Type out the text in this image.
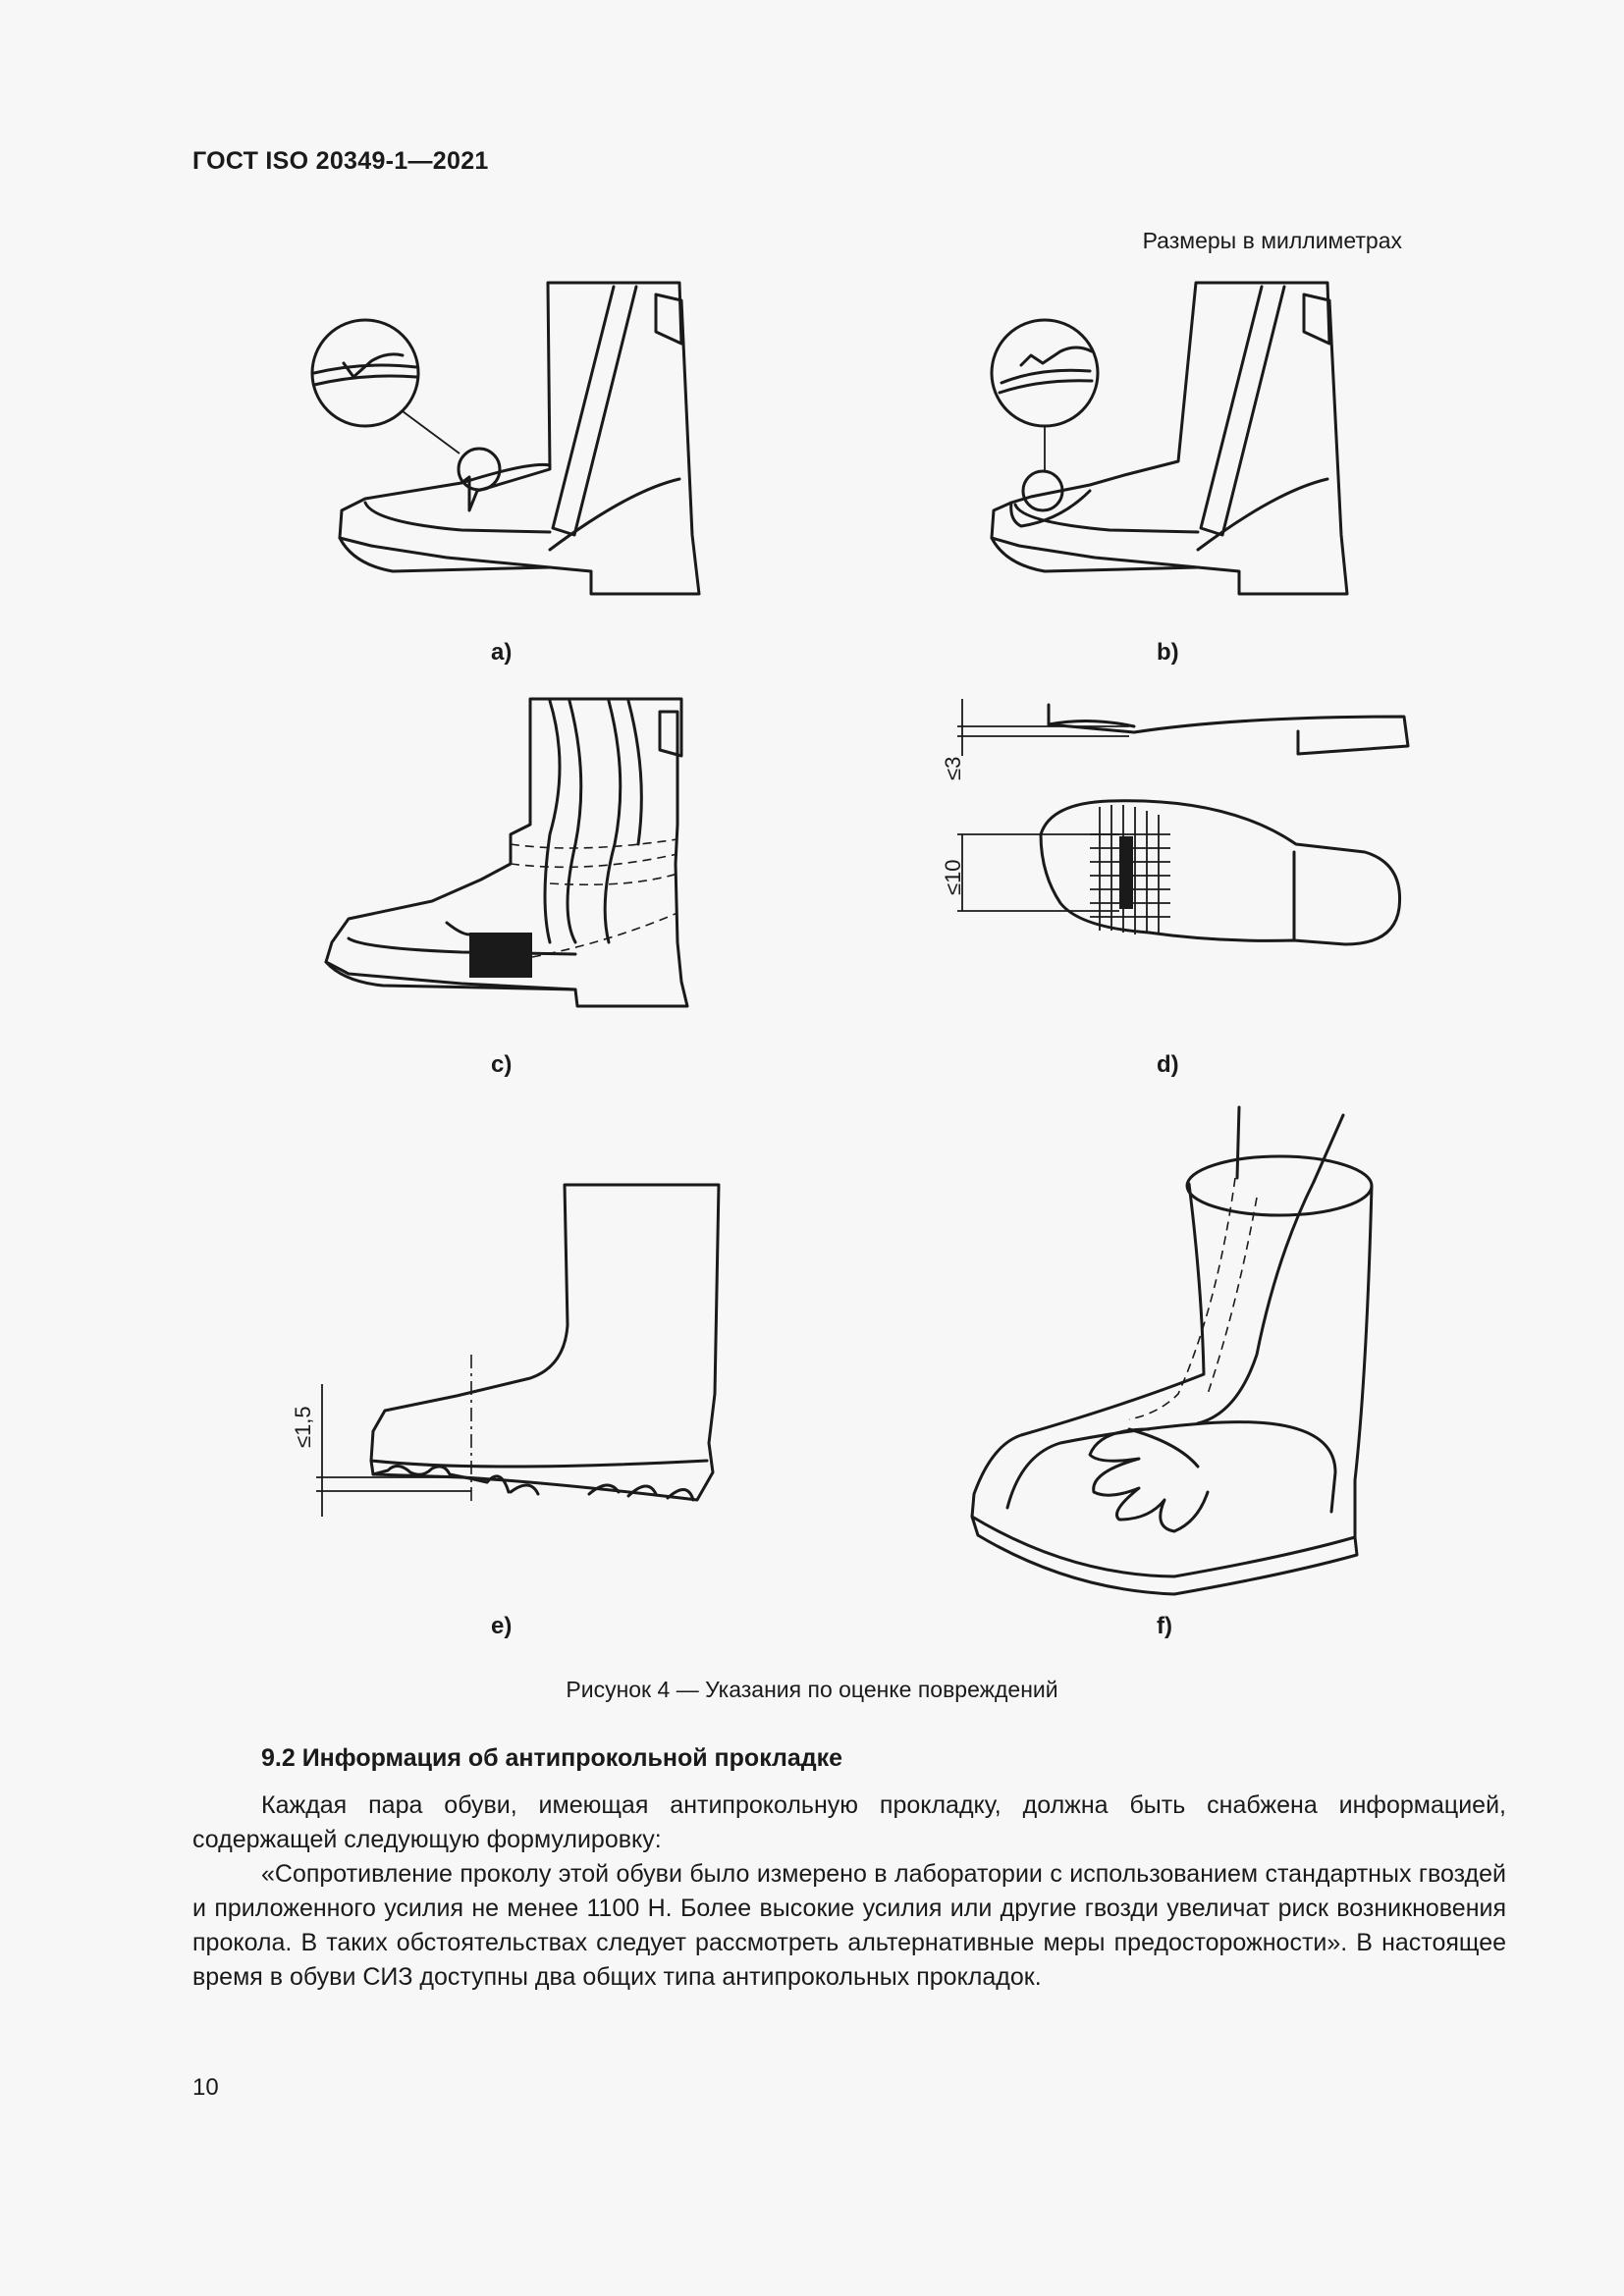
ГОСТ ISO 20349-1—2021
Размеры в миллиметрах
≤3
≤10
≤1,5
a)	b)
c)	d)
e)	f)
Рисунок 4 — Указания по оценке повреждений
9.2 Информация об антипрокольной прокладке

Каждая пара обуви, имеющая антипрокольную прокладку, должна быть снабжена информацией, содержащей следующую формулировку:

«Сопротивление проколу этой обуви было измерено в лаборатории с использованием стандартных гвоздей и приложенного усилия не менее 1100 Н. Более высокие усилия или другие гвозди увеличат риск возникновения прокола. В таких обстоятельствах следует рассмотреть альтернативные меры предосторожности». В настоящее время в обуви СИЗ доступны два общих типа антипрокольных прокладок.

10
